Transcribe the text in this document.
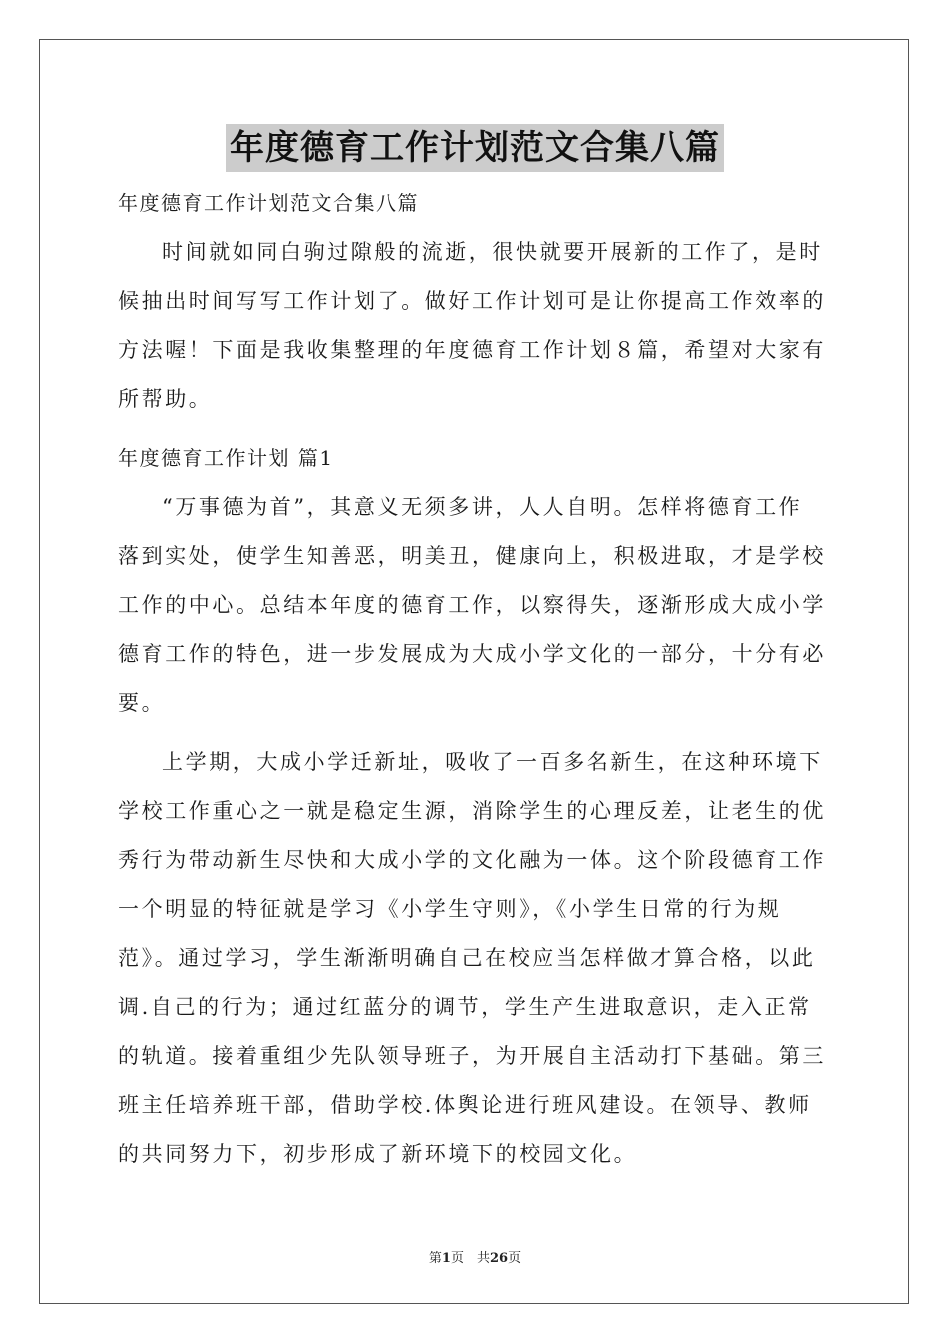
年度德育工作计划范文合集八篇
年度德育工作计划范文合集八篇
时间就如同白驹过隙般的流逝，很快就要开展新的工作了，是时
候抽出时间写写工作计划了。做好工作计划可是让你提高工作效率的
方法喔！下面是我收集整理的年度德育工作计划８篇，希望对大家有
所帮助。
年度德育工作计划 篇1
“万事德为首”，其意义无须多讲，人人自明。怎样将德育工作
落到实处，使学生知善恶，明美丑，健康向上，积极进取，才是学校
工作的中心。总结本年度的德育工作，以察得失，逐渐形成大成小学
德育工作的特色，进一步发展成为大成小学文化的一部分，十分有必
要。
上学期，大成小学迁新址，吸收了一百多名新生，在这种环境下
学校工作重心之一就是稳定生源，消除学生的心理反差，让老生的优
秀行为带动新生尽快和大成小学的文化融为一体。这个阶段德育工作
一个明显的特征就是学习《小学生守则》，《小学生日常的行为规
范》。通过学习，学生渐渐明确自己在校应当怎样做才算合格，以此
调.自己的行为；通过红蓝分的调节，学生产生进取意识，走入正常
的轨道。接着重组少先队领导班子，为开展自主活动打下基础。第三
班主任培养班干部，借助学校.体舆论进行班风建设。在领导、教师
的共同努力下，初步形成了新环境下的校园文化。
第1页　共26页
